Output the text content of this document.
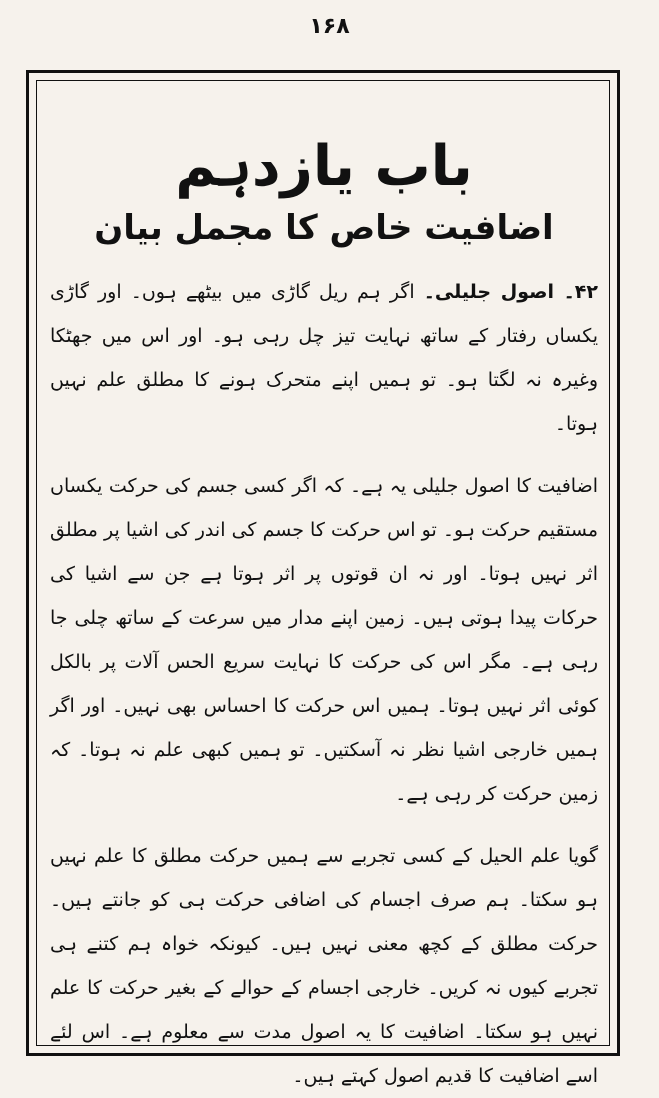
۱۶۸
باب یازدہم
اضافیت خاص کا مجمل بیان

۴۲۔ اصول جلیلی۔ اگر ہم ریل گاڑی میں بیٹھے ہوں۔ اور گاڑی یکساں رفتار کے ساتھ نہایت تیز چل رہی ہو۔ اور اس میں جھٹکا وغیرہ نہ لگتا ہو۔ تو ہمیں اپنے متحرک ہونے کا مطلق علم نہیں ہوتا۔

اضافیت کا اصول جلیلی یہ ہے۔ کہ اگر کسی جسم کی حرکت یکساں مستقیم حرکت ہو۔ تو اس حرکت کا جسم کی اندر کی اشیا پر مطلق اثر نہیں ہوتا۔ اور نہ ان قوتوں پر اثر ہوتا ہے جن سے اشیا کی حرکات پیدا ہوتی ہیں۔ زمین اپنے مدار میں سرعت کے ساتھ چلی جا رہی ہے۔ مگر اس کی حرکت کا نہایت سریع الحس آلات پر بالکل کوئی اثر نہیں ہوتا۔ ہمیں اس حرکت کا احساس بھی نہیں۔ اور اگر ہمیں خارجی اشیا نظر نہ آسکتیں۔ تو ہمیں کبھی علم نہ ہوتا۔ کہ زمین حرکت کر رہی ہے۔

گویا علم الحیل کے کسی تجربے سے ہمیں حرکت مطلق کا علم نہیں ہو سکتا۔ ہم صرف اجسام کی اضافی حرکت ہی کو جانتے ہیں۔ حرکت مطلق کے کچھ معنی نہیں ہیں۔ کیونکہ خواہ ہم کتنے ہی تجربے کیوں نہ کریں۔ خارجی اجسام کے حوالے کے بغیر حرکت کا علم نہیں ہو سکتا۔ اضافیت کا یہ اصول مدت سے معلوم ہے۔ اس لئے اسے اضافیت کا قدیم اصول کہتے ہیں۔
